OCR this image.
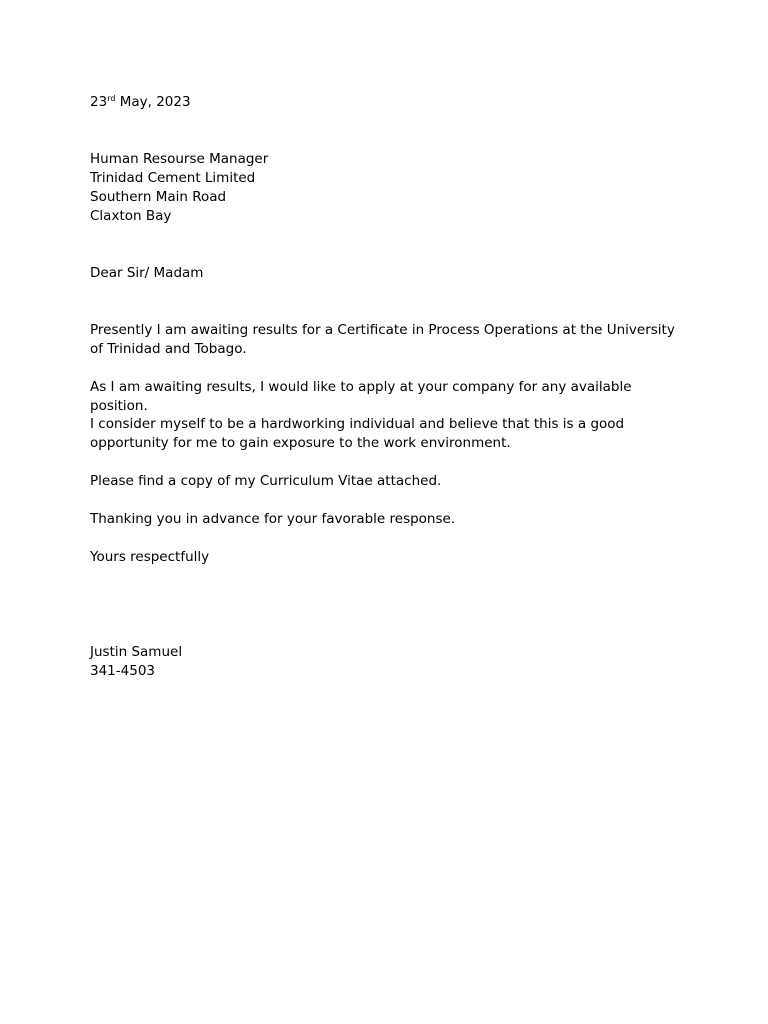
23rd May, 2023
Human Resourse Manager
Trinidad Cement Limited
Southern Main Road
Claxton Bay
Dear Sir/ Madam
Presently I am awaiting results for a Certificate in Process Operations at the University of Trinidad and Tobago.
As I am awaiting results, I would like to apply at your company for any available position.
I consider myself to be a hardworking individual and believe that this is a good opportunity for me to gain exposure to the work environment.
Please find a copy of my Curriculum Vitae attached.
Thanking you in advance for your favorable response.
Yours respectfully
Justin Samuel
341-4503
